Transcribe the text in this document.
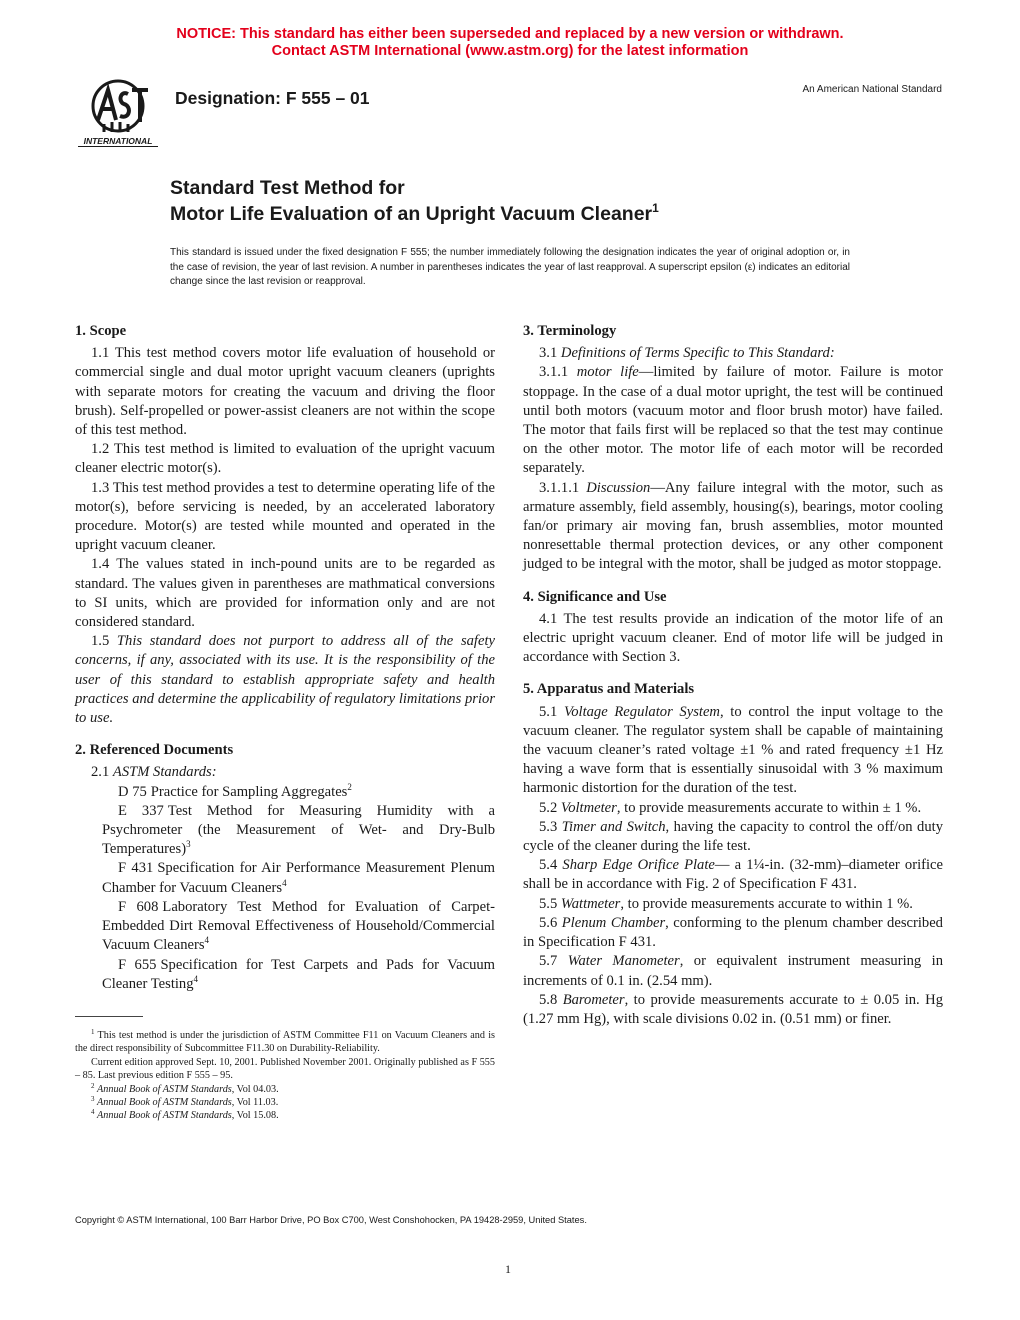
NOTICE: This standard has either been superseded and replaced by a new version or withdrawn.
Contact ASTM International (www.astm.org) for the latest information
INTERNATIONAL
Designation: F 555 – 01	An American National Standard
Standard Test Method for
Motor Life Evaluation of an Upright Vacuum Cleaner$^1$
This standard is issued under the fixed designation F 555; the number immediately following the designation indicates the year of original adoption or, in the case of revision, the year of last revision. A number in parentheses indicates the year of last reapproval. A superscript epsilon (ε) indicates an editorial change since the last revision or reapproval.
1. Scope

1.1 This test method covers motor life evaluation of household or commercial single and dual motor upright vacuum cleaners (uprights with separate motors for creating the vacuum and driving the floor brush). Self-propelled or power-assist cleaners are not within the scope of this test method.

1.2 This test method is limited to evaluation of the upright vacuum cleaner electric motor(s).

1.3 This test method provides a test to determine operating life of the motor(s), before servicing is needed, by an accelerated laboratory procedure. Motor(s) are tested while mounted and operated in the upright vacuum cleaner.

1.4 The values stated in inch-pound units are to be regarded as standard. The values given in parentheses are mathmatical conversions to SI units, which are provided for information only and are not considered standard.

1.5 This standard does not purport to address all of the safety concerns, if any, associated with its use. It is the responsibility of the user of this standard to establish appropriate safety and health practices and determine the applicability of regulatory limitations prior to use.

2. Referenced Documents

2.1 ASTM Standards:

D 75 Practice for Sampling Aggregates$^2$

E 337 Test Method for Measuring Humidity with a Psychrometer (the Measurement of Wet- and Dry-Bulb Temperatures)$^3$

F 431 Specification for Air Performance Measurement Plenum Chamber for Vacuum Cleaners$^4$

F 608 Laboratory Test Method for Evaluation of Carpet-Embedded Dirt Removal Effectiveness of Household/Commercial Vacuum Cleaners$^4$

F 655 Specification for Test Carpets and Pads for Vacuum Cleaner Testing$^4$

$^1$ This test method is under the jurisdiction of ASTM Committee F11 on Vacuum Cleaners and is the direct responsibility of Subcommittee F11.30 on Durability-Reliability.

Current edition approved Sept. 10, 2001. Published November 2001. Originally published as F 555 – 85. Last previous edition F 555 – 95.

$^2$ Annual Book of ASTM Standards, Vol 04.03.

$^3$ Annual Book of ASTM Standards, Vol 11.03.

$^4$ Annual Book of ASTM Standards, Vol 15.08.

3. Terminology

3.1 Definitions of Terms Specific to This Standard:

3.1.1 motor life—limited by failure of motor. Failure is motor stoppage. In the case of a dual motor upright, the test will be continued until both motors (vacuum motor and floor brush motor) have failed. The motor that fails first will be replaced so that the test may continue on the other motor. The motor life of each motor will be recorded separately.

3.1.1.1 Discussion—Any failure integral with the motor, such as armature assembly, field assembly, housing(s), bearings, motor cooling fan/or primary air moving fan, brush assemblies, motor mounted nonresettable thermal protection devices, or any other component judged to be integral with the motor, shall be judged as motor stoppage.

4. Significance and Use

4.1 The test results provide an indication of the motor life of an electric upright vacuum cleaner. End of motor life will be judged in accordance with Section 3.

5. Apparatus and Materials

5.1 Voltage Regulator System, to control the input voltage to the vacuum cleaner. The regulator system shall be capable of maintaining the vacuum cleaner’s rated voltage ±1 % and rated frequency ±1 Hz having a wave form that is essentially sinusoidal with 3 % maximum harmonic distortion for the duration of the test.

5.2 Voltmeter, to provide measurements accurate to within ± 1 %.

5.3 Timer and Switch, having the capacity to control the off/on duty cycle of the cleaner during the life test.

5.4 Sharp Edge Orifice Plate— a 1¼-in. (32-mm)–diameter orifice shall be in accordance with Fig. 2 of Specification F 431.

5.5 Wattmeter, to provide measurements accurate to within 1 %.

5.6 Plenum Chamber, conforming to the plenum chamber described in Specification F 431.

5.7 Water Manometer, or equivalent instrument measuring in increments of 0.1 in. (2.54 mm).

5.8 Barometer, to provide measurements accurate to ± 0.05 in. Hg (1.27 mm Hg), with scale divisions 0.02 in. (0.51 mm) or finer.

Copyright © ASTM International, 100 Barr Harbor Drive, PO Box C700, West Conshohocken, PA 19428-2959, United States.
1
